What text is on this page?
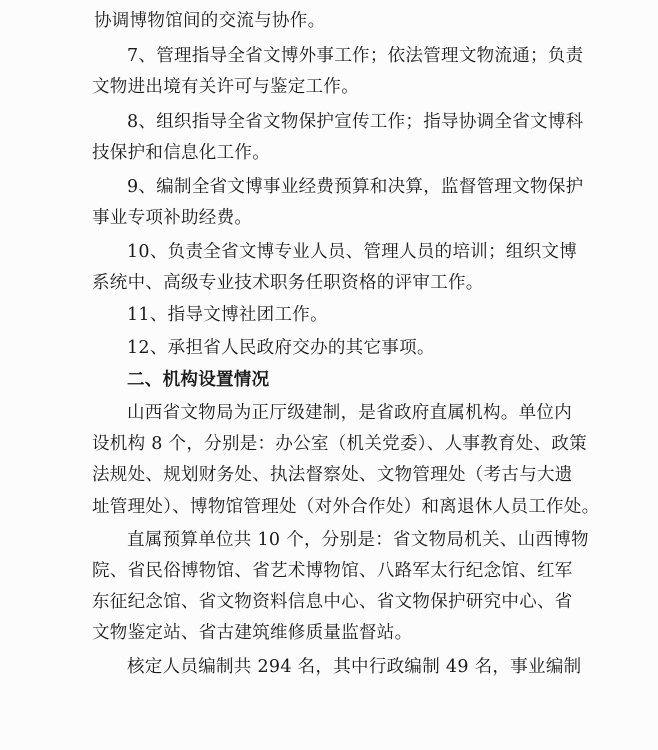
协调博物馆间的交流与协作。
7、管理指导全省文博外事工作；依法管理文物流通；负责
文物进出境有关许可与鉴定工作。
8、组织指导全省文物保护宣传工作；指导协调全省文博科
技保护和信息化工作。
9、编制全省文博事业经费预算和决算，监督管理文物保护
事业专项补助经费。
10、负责全省文博专业人员、管理人员的培训；组织文博
系统中、高级专业技术职务任职资格的评审工作。
11、指导文博社团工作。
12、承担省人民政府交办的其它事项。
二、机构设置情况
山西省文物局为正厅级建制，是省政府直属机构。单位内
设机构 8 个，分别是：办公室（机关党委）、人事教育处、政策
法规处、规划财务处、执法督察处、文物管理处（考古与大遗
址管理处）、博物馆管理处（对外合作处）和离退休人员工作处。
直属预算单位共 10 个，分别是：省文物局机关、山西博物
院、省民俗博物馆、省艺术博物馆、八路军太行纪念馆、红军
东征纪念馆、省文物资料信息中心、省文物保护研究中心、省
文物鉴定站、省古建筑维修质量监督站。
核定人员编制共 294 名，其中行政编制 49 名，事业编制
